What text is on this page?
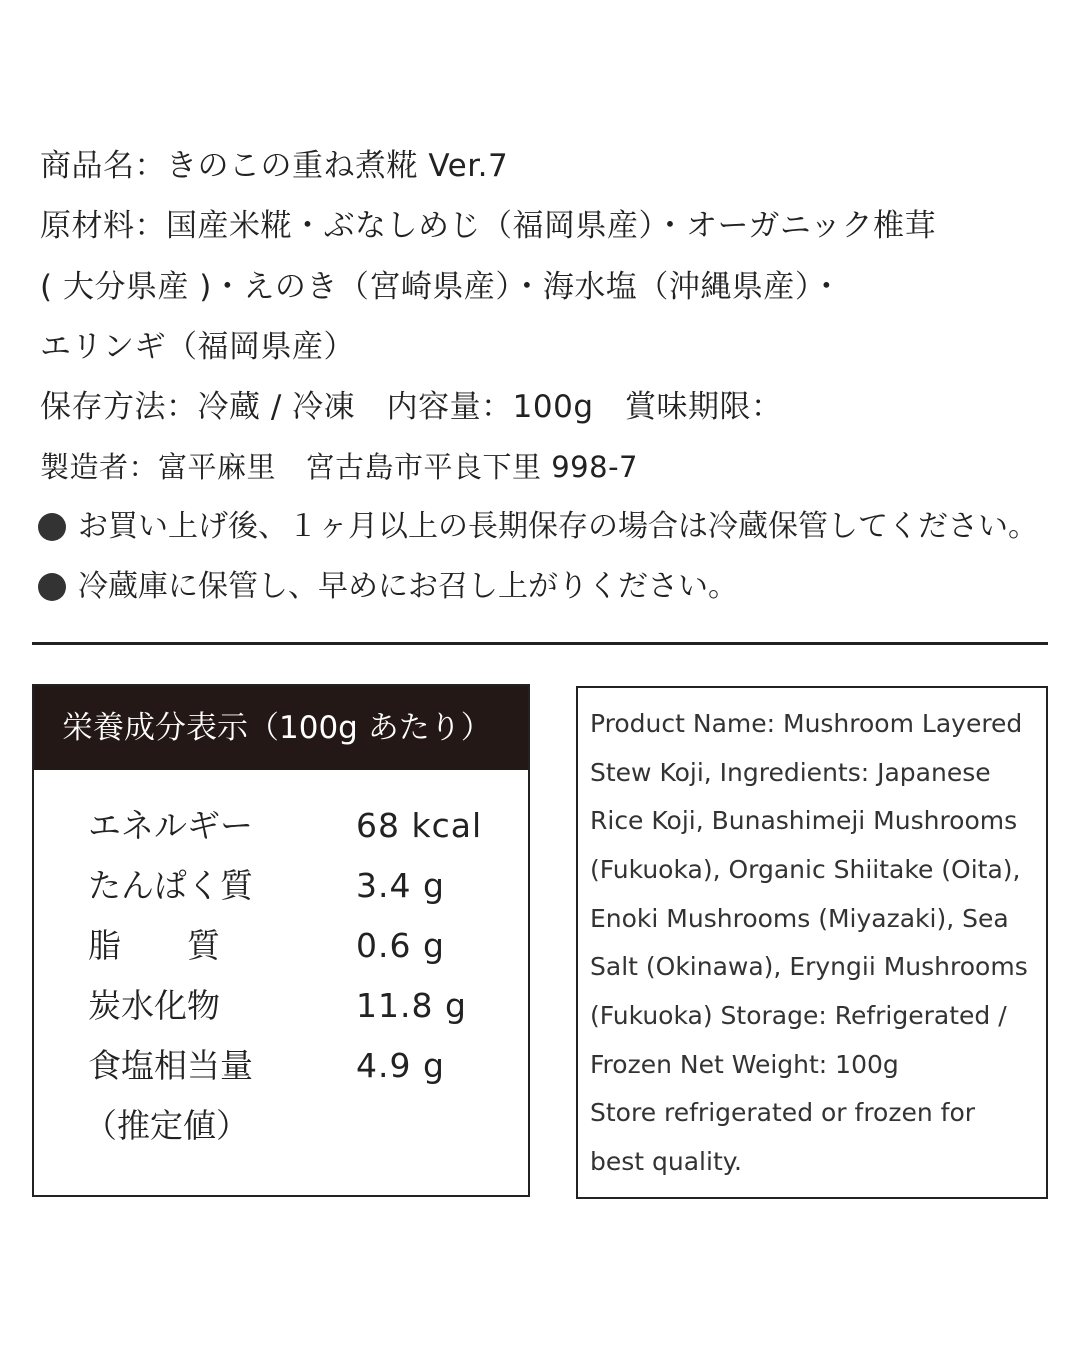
商品名：きのこの重ね煮糀 Ver.7
原材料：国産米糀・ぶなしめじ（福岡県産）・オーガニック椎茸
( 大分県産 )・えのき（宮崎県産）・海水塩（沖縄県産）・
エリンギ（福岡県産）
保存方法：冷蔵 / 冷凍　内容量：100g　賞味期限：
製造者：富平麻里　宮古島市平良下里 998-7
お買い上げ後、１ヶ月以上の長期保存の場合は冷蔵保管してください。
冷蔵庫に保管し、早めにお召し上がりください。
栄養成分表示（100g あたり）
エネルギー	68 kcal
たんぱく質	3.4 g
脂　　質	0.6 g
炭水化物	11.8 g
食塩相当量	4.9 g
（推定値）
Product Name: Mushroom Layered
Stew Koji, Ingredients: Japanese
Rice Koji, Bunashimeji Mushrooms
(Fukuoka), Organic Shiitake (Oita),
Enoki Mushrooms (Miyazaki), Sea
Salt (Okinawa), Eryngii Mushrooms
(Fukuoka) Storage: Refrigerated /
Frozen Net Weight: 100g
Store refrigerated or frozen for
best quality.
